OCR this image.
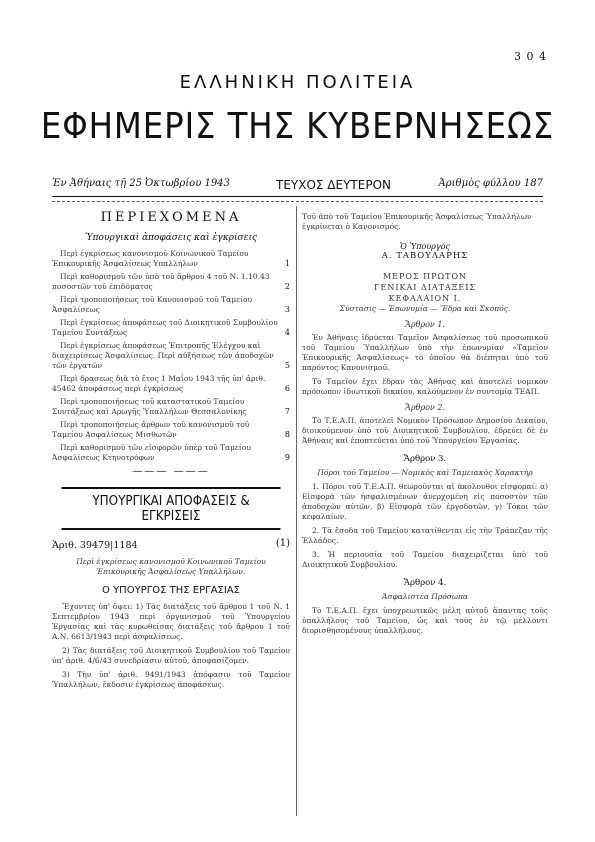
3 0 4
ΕΛΛΗΝΙΚΗ ΠΟΛΙΤΕΙΑ
ΕΦΗΜΕΡΙΣ ΤΗΣ ΚΥΒΕΡΝΗΣΕΩΣ
Ἐν Ἀθήναις τῇ 25 Ὀκτωβρίου 1943	ΤΕΥΧΟΣ ΔΕΥΤΕΡΟΝ	Ἀριθμὸς φύλλου 187
ΠΕΡΙΕΧΟΜΕΝΑ
Ὑπουργικαὶ ἀποφάσεις καὶ ἐγκρίσεις
Περὶ ἐγκρίσεως κανονισμοῦ Κοινωνικοῦ Ταμείου Ἐπικουρικῆς Ἀσφαλίσεως Υπαλλήλων	1
Περὶ καθορισμοῦ τῶν ὑπὸ τοῦ ἄρθρου 4 τοῦ Ν. 1.10.43 ποσοστῶν τοῦ ἐπιδόματος	2
Περὶ τροποποιήσεως τοῦ Κανονισμοῦ τοῦ Ταμείου Ἀσφαλίσεως	3
Περὶ ἐγκρίσεως ἀποφάσεως τοῦ Διοικητικοῦ Συμβουλίου Ταμείου Συντάξεως	4
Περὶ ἐγκρίσεως ἀποφάσεως Ἐπιτροπῆς Ἐλέγχου καὶ διαχειρίσεως Ἀσφαλίσεως. Περὶ αὐξήσεως τῶν ἀποδοχῶν τῶν ἐργατῶν	5
Περὶ δρασεως διὰ τὸ ἔτος 1 Μαΐου 1943 τῆς ὑπ' ἀριθ. 45462 ἀποφάσεως περὶ ἐγκρίσεως	6
Περὶ τροποποιήσεως τοῦ καταστατικοῦ Ταμείου Συντάξεως καὶ Αρωγῆς Ὑπαλλήλων Θεσσαλονίκης	7
Περὶ τροποποιήσεως ἄρθρων τοῦ κανονισμοῦ τοῦ Ταμείου Ασφαλίσεως Μισθωτῶν	8
Περὶ καθορισμοῦ τῶν εἰσφορῶν ὑπὲρ τοῦ Ταμείου Ἀσφαλίσεως Κτηνοτρόφων	9
——— ———
ΥΠΟΥΡΓΙΚΑΙ ΑΠΟΦΑΣΕΙΣ & ΕΓΚΡΙΣΕΙΣ
Ἀριθ. 39479|1184	(1)
Περὶ ἐγκρίσεως κανονισμοῦ Κοινωνικοῦ Ταμείου Ἐπικουρικῆς Ἀσφαλίσεως Υπαλλήλων.
Ο ΥΠΟΥΡΓΟΣ ΤΗΣ ΕΡΓΑΣΙΑΣ
Ἔχοντες ὑπ' ὄψει: 1) Τὰς διατάξεις τοῦ ἄρθρου 1 τοῦ Ν. 1 Σεπτεμβρίου 1943 περὶ ὀργανισμοῦ τοῦ Ὑπουργείου Ἐργασίας καὶ τὰς κυρωθείσας διατάξεις τοῦ ἄρθρου 1 τοῦ Α.Ν. 6613/1943 περὶ ἀσφαλίσεως.
2) Τὰς διατάξεις τοῦ Διοικητικοῦ Συμβουλίου τοῦ Ταμείου ὑπ' ἀριθ. 4/6/43 συνεδρίασιν αὐτοῦ, ἀποφασίζομεν.
3) Τὴν ὑπ' ἀριθ. 9491/1943 ἀπόφασιν τοῦ Ταμείου Ὑπαλλήλων, ἔκδοσιν ἐγκρίσεως ἀποφάσεως.
Τοῦ ἀπὸ τοῦ Ταμείου Ἐπικουρικῆς Ἀσφαλίσεως Ὑπαλλήλων ἐγκρίνεται ὁ Κανονισμός.
Ὁ Ὑπουργός
Α. ΤΑΒΟΥΛΑΡΗΣ
ΜΕΡΟΣ ΠΡΩΤΟΝ
ΓΕΝΙΚΑΙ ΔΙΑΤΑΞΕΙΣ
ΚΕΦΑΛΑΙΟΝ Ι.
Σύστασις — Ἐπωνυμία — Ἕδρα καὶ Σκοπός.
Ἄρθρον 1.
Ἐν Ἀθήναις ἱδρύεται Ταμεῖον Ἀσφαλίσεως τοῦ προσωπικοῦ τοῦ Ταμείου Ὑπαλλήλων ὑπὸ τὴν ἐπωνυμίαν «Ταμεῖον Ἐπικουρικῆς Ἀσφαλίσεως» τὸ ὁποῖον θὰ διέπηται ὑπὸ τοῦ παρόντος Κανονισμοῦ.
Τὸ Ταμεῖον ἔχει ἕδραν τὰς Ἀθήνας καὶ ἀποτελεῖ νομικὸν πρόσωπον ἰδιωτικοῦ δικαίου, καλούμενον ἐν συντομίᾳ ΤΕΑΠ.
Ἄρθρον 2.
Τὸ Τ.Ε.Α.Π. ἀποτελεῖ Νομικὸν Πρόσωπον Δημοσίου Δικαίου, διοικούμενον ὑπὸ τοῦ Διοικητικοῦ Συμβουλίου, ἐδρεύει δὲ ἐν Ἀθήναις καὶ ἐποπτεύεται ὑπὸ τοῦ Ὑπουργείου Ἐργασίας.
Ἄρθρον 3.
Πόροι τοῦ Ταμείου — Νομικὸς καὶ Ταμειακὸς Χαρακτὴρ
1. Πόροι τοῦ Τ.Ε.Α.Π. θεωροῦνται αἱ ἀκόλουθοι εἰσφοραί: α) Εἰσφορὰ τῶν ἠσφαλισμένων ἀνερχομένη εἰς ποσοστὸν τῶν ἀποδοχῶν αὐτῶν, β) Εἰσφορὰ τῶν ἐργοδοτῶν, γ) Τόκοι τῶν κεφαλαίων.
2. Τὰ ἔσοδα τοῦ Ταμείου κατατίθενται εἰς τὴν Τράπεζαν τῆς Ἑλλάδος.
3. Ἡ περιουσία τοῦ Ταμείου διαχειρίζεται ὑπὸ τοῦ Διοικητικοῦ Συμβουλίου.
Ἄρθρον 4.
Ἀσφαλιστέα Πρόσωπα
Τὸ Τ.Ε.Α.Π. ἔχει ὑποχρεωτικῶς μέλη αὐτοῦ ἅπαντας τοὺς ὑπαλλήλους τοῦ Ταμείου, ὡς καὶ τοὺς ἐν τῷ μέλλοντι διορισθησομένους ὑπαλλήλους.
